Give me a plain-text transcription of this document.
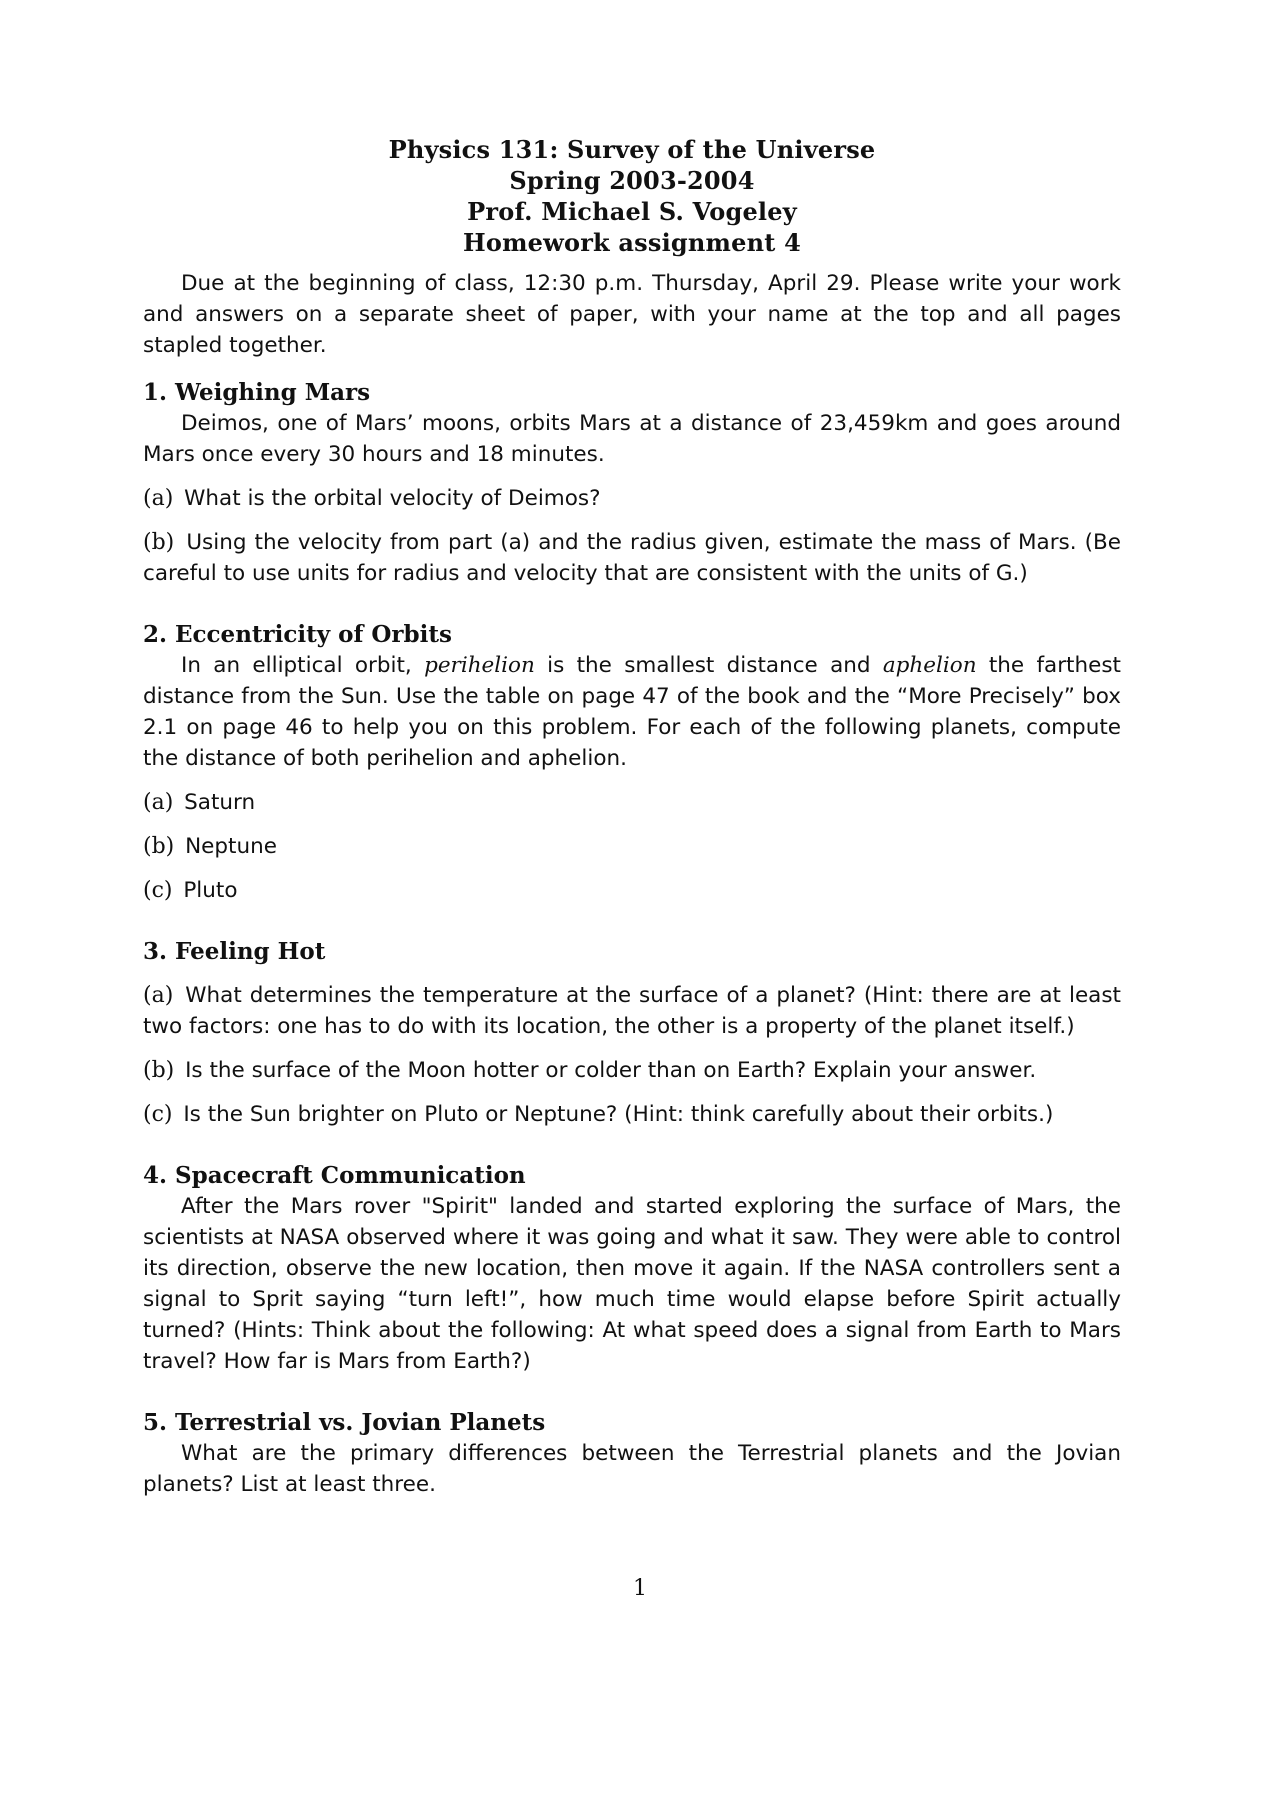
Physics 131: Survey of the Universe
Spring 2003-2004
Prof. Michael S. Vogeley
Homework assignment 4

Due at the beginning of class, 12:30 p.m. Thursday, April 29. Please write your work and answers on a separate sheet of paper, with your name at the top and all pages stapled together.

1. Weighing Mars

Deimos, one of Mars’ moons, orbits Mars at a distance of 23,459km and goes around Mars once every 30 hours and 18 minutes.

(a) What is the orbital velocity of Deimos?

(b) Using the velocity from part (a) and the radius given, estimate the mass of Mars. (Be careful to use units for radius and velocity that are consistent with the units of G.)

2. Eccentricity of Orbits

In an elliptical orbit, perihelion is the smallest distance and aphelion the farthest distance from the Sun. Use the table on page 47 of the book and the “More Precisely” box 2.1 on page 46 to help you on this problem. For each of the following planets, compute the distance of both perihelion and aphelion.

(a) Saturn

(b) Neptune

(c) Pluto

3. Feeling Hot

(a) What determines the temperature at the surface of a planet? (Hint: there are at least two factors: one has to do with its location, the other is a property of the planet itself.)

(b) Is the surface of the Moon hotter or colder than on Earth? Explain your answer.

(c) Is the Sun brighter on Pluto or Neptune? (Hint: think carefully about their orbits.)

4. Spacecraft Communication

After the Mars rover "Spirit" landed and started exploring the surface of Mars, the scientists at NASA observed where it was going and what it saw. They were able to control its direction, observe the new location, then move it again. If the NASA controllers sent a signal to Sprit saying “turn left!”, how much time would elapse before Spirit actually turned? (Hints: Think about the following: At what speed does a signal from Earth to Mars travel? How far is Mars from Earth?)

5. Terrestrial vs. Jovian Planets

What are the primary differences between the Terrestrial planets and the Jovian planets? List at least three.

1
